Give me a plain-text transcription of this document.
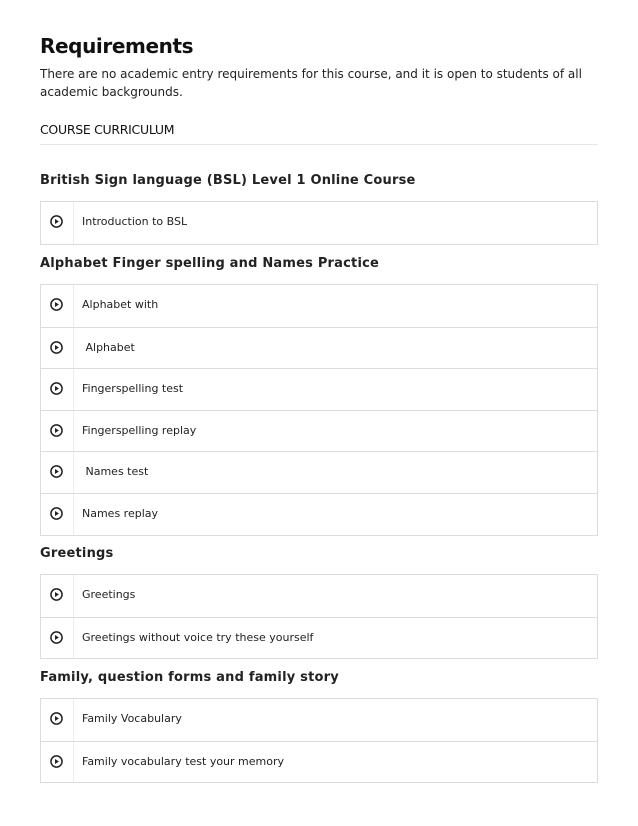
Requirements

There are no academic entry requirements for this course, and it is open to students of all academic backgrounds.

COURSE CURRICULUM
British Sign language (BSL) Level 1 Online Course
Introduction to BSL
Alphabet Finger spelling and Names Practice
Alphabet with
Alphabet
Fingerspelling test
Fingerspelling replay
Names test
Names replay
Greetings
Greetings
Greetings without voice try these yourself
Family, question forms and family story
Family Vocabulary
Family vocabulary test your memory
